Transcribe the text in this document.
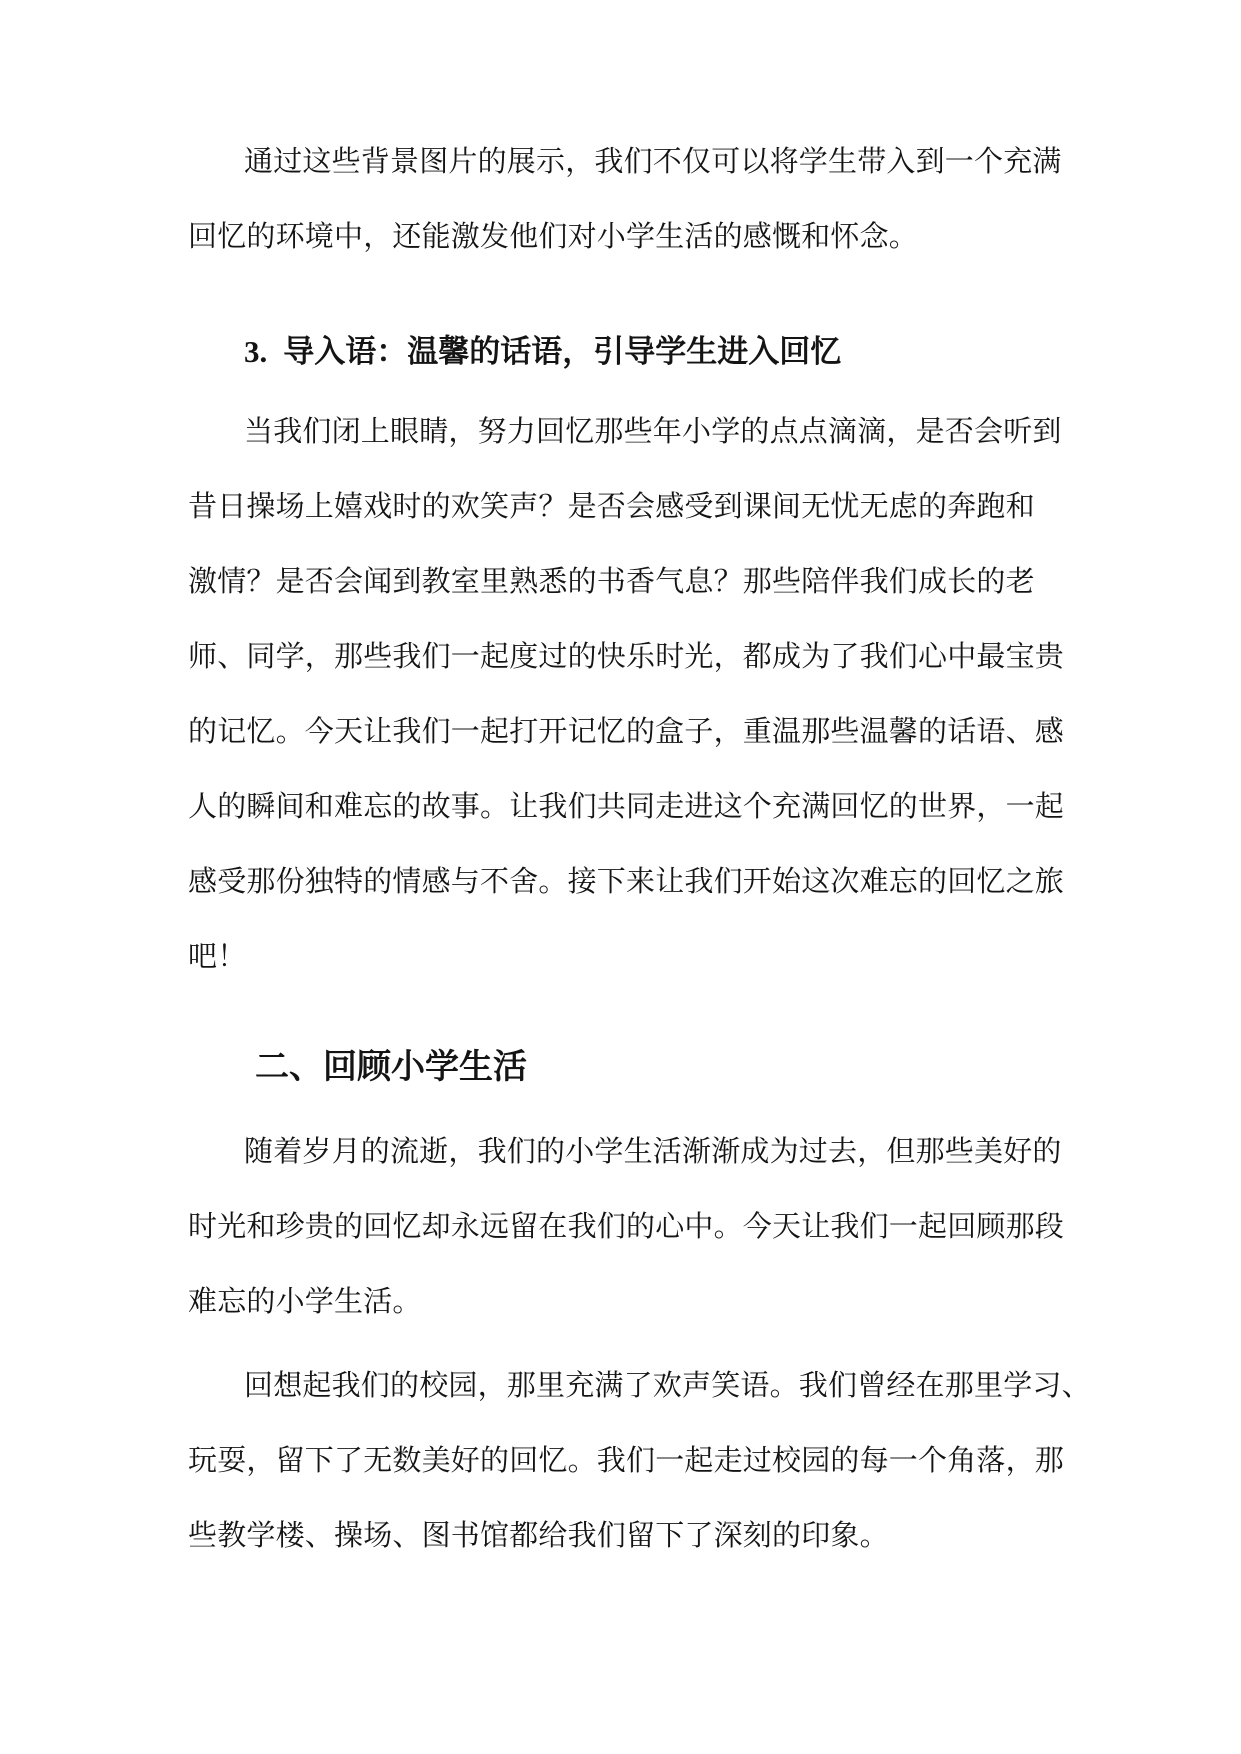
通过这些背景图片的展示，我们不仅可以将学生带入到一个充满
回忆的环境中，还能激发他们对小学生活的感慨和怀念。
3. 导入语：温馨的话语，引导学生进入回忆
当我们闭上眼睛，努力回忆那些年小学的点点滴滴，是否会听到
昔日操场上嬉戏时的欢笑声？是否会感受到课间无忧无虑的奔跑和
激情？是否会闻到教室里熟悉的书香气息？那些陪伴我们成长的老
师、同学，那些我们一起度过的快乐时光，都成为了我们心中最宝贵
的记忆。今天让我们一起打开记忆的盒子，重温那些温馨的话语、感
人的瞬间和难忘的故事。让我们共同走进这个充满回忆的世界，一起
感受那份独特的情感与不舍。接下来让我们开始这次难忘的回忆之旅
吧！
二、回顾小学生活
随着岁月的流逝，我们的小学生活渐渐成为过去，但那些美好的
时光和珍贵的回忆却永远留在我们的心中。今天让我们一起回顾那段
难忘的小学生活。
回想起我们的校园，那里充满了欢声笑语。我们曾经在那里学习、
玩耍，留下了无数美好的回忆。我们一起走过校园的每一个角落，那
些教学楼、操场、图书馆都给我们留下了深刻的印象。
